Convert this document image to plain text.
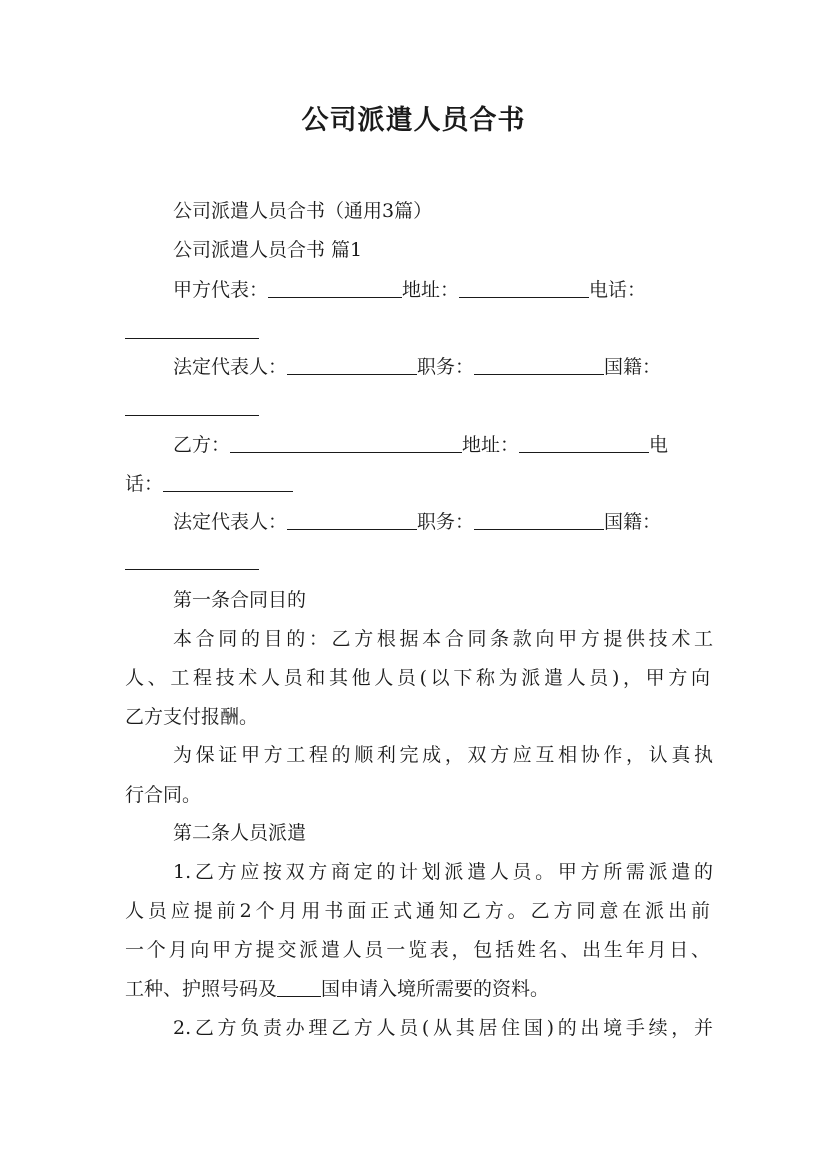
公司派遣人员合书
公司派遣人员合书（通用3篇）
公司派遣人员合书 篇1
甲方代表：	地址：	电话：
法定代表人：	职务：	国籍：
乙方：	地址：	电
话：
法定代表人：	职务：	国籍：
第一条合同目的
本合同的目的：乙方根据本合同条款向甲方提供技术工
人、工程技术人员和其他人员(以下称为派遣人员)，甲方向
乙方支付报酬。
为保证甲方工程的顺利完成，双方应互相协作，认真执
行合同。
第二条人员派遣
1.乙方应按双方商定的计划派遣人员。甲方所需派遣的
人员应提前2个月用书面正式通知乙方。乙方同意在派出前
一个月向甲方提交派遣人员一览表，包括姓名、出生年月日、
工种、护照号码及 国申请入境所需要的资料。
2.乙方负责办理乙方人员(从其居住国)的出境手续，并
